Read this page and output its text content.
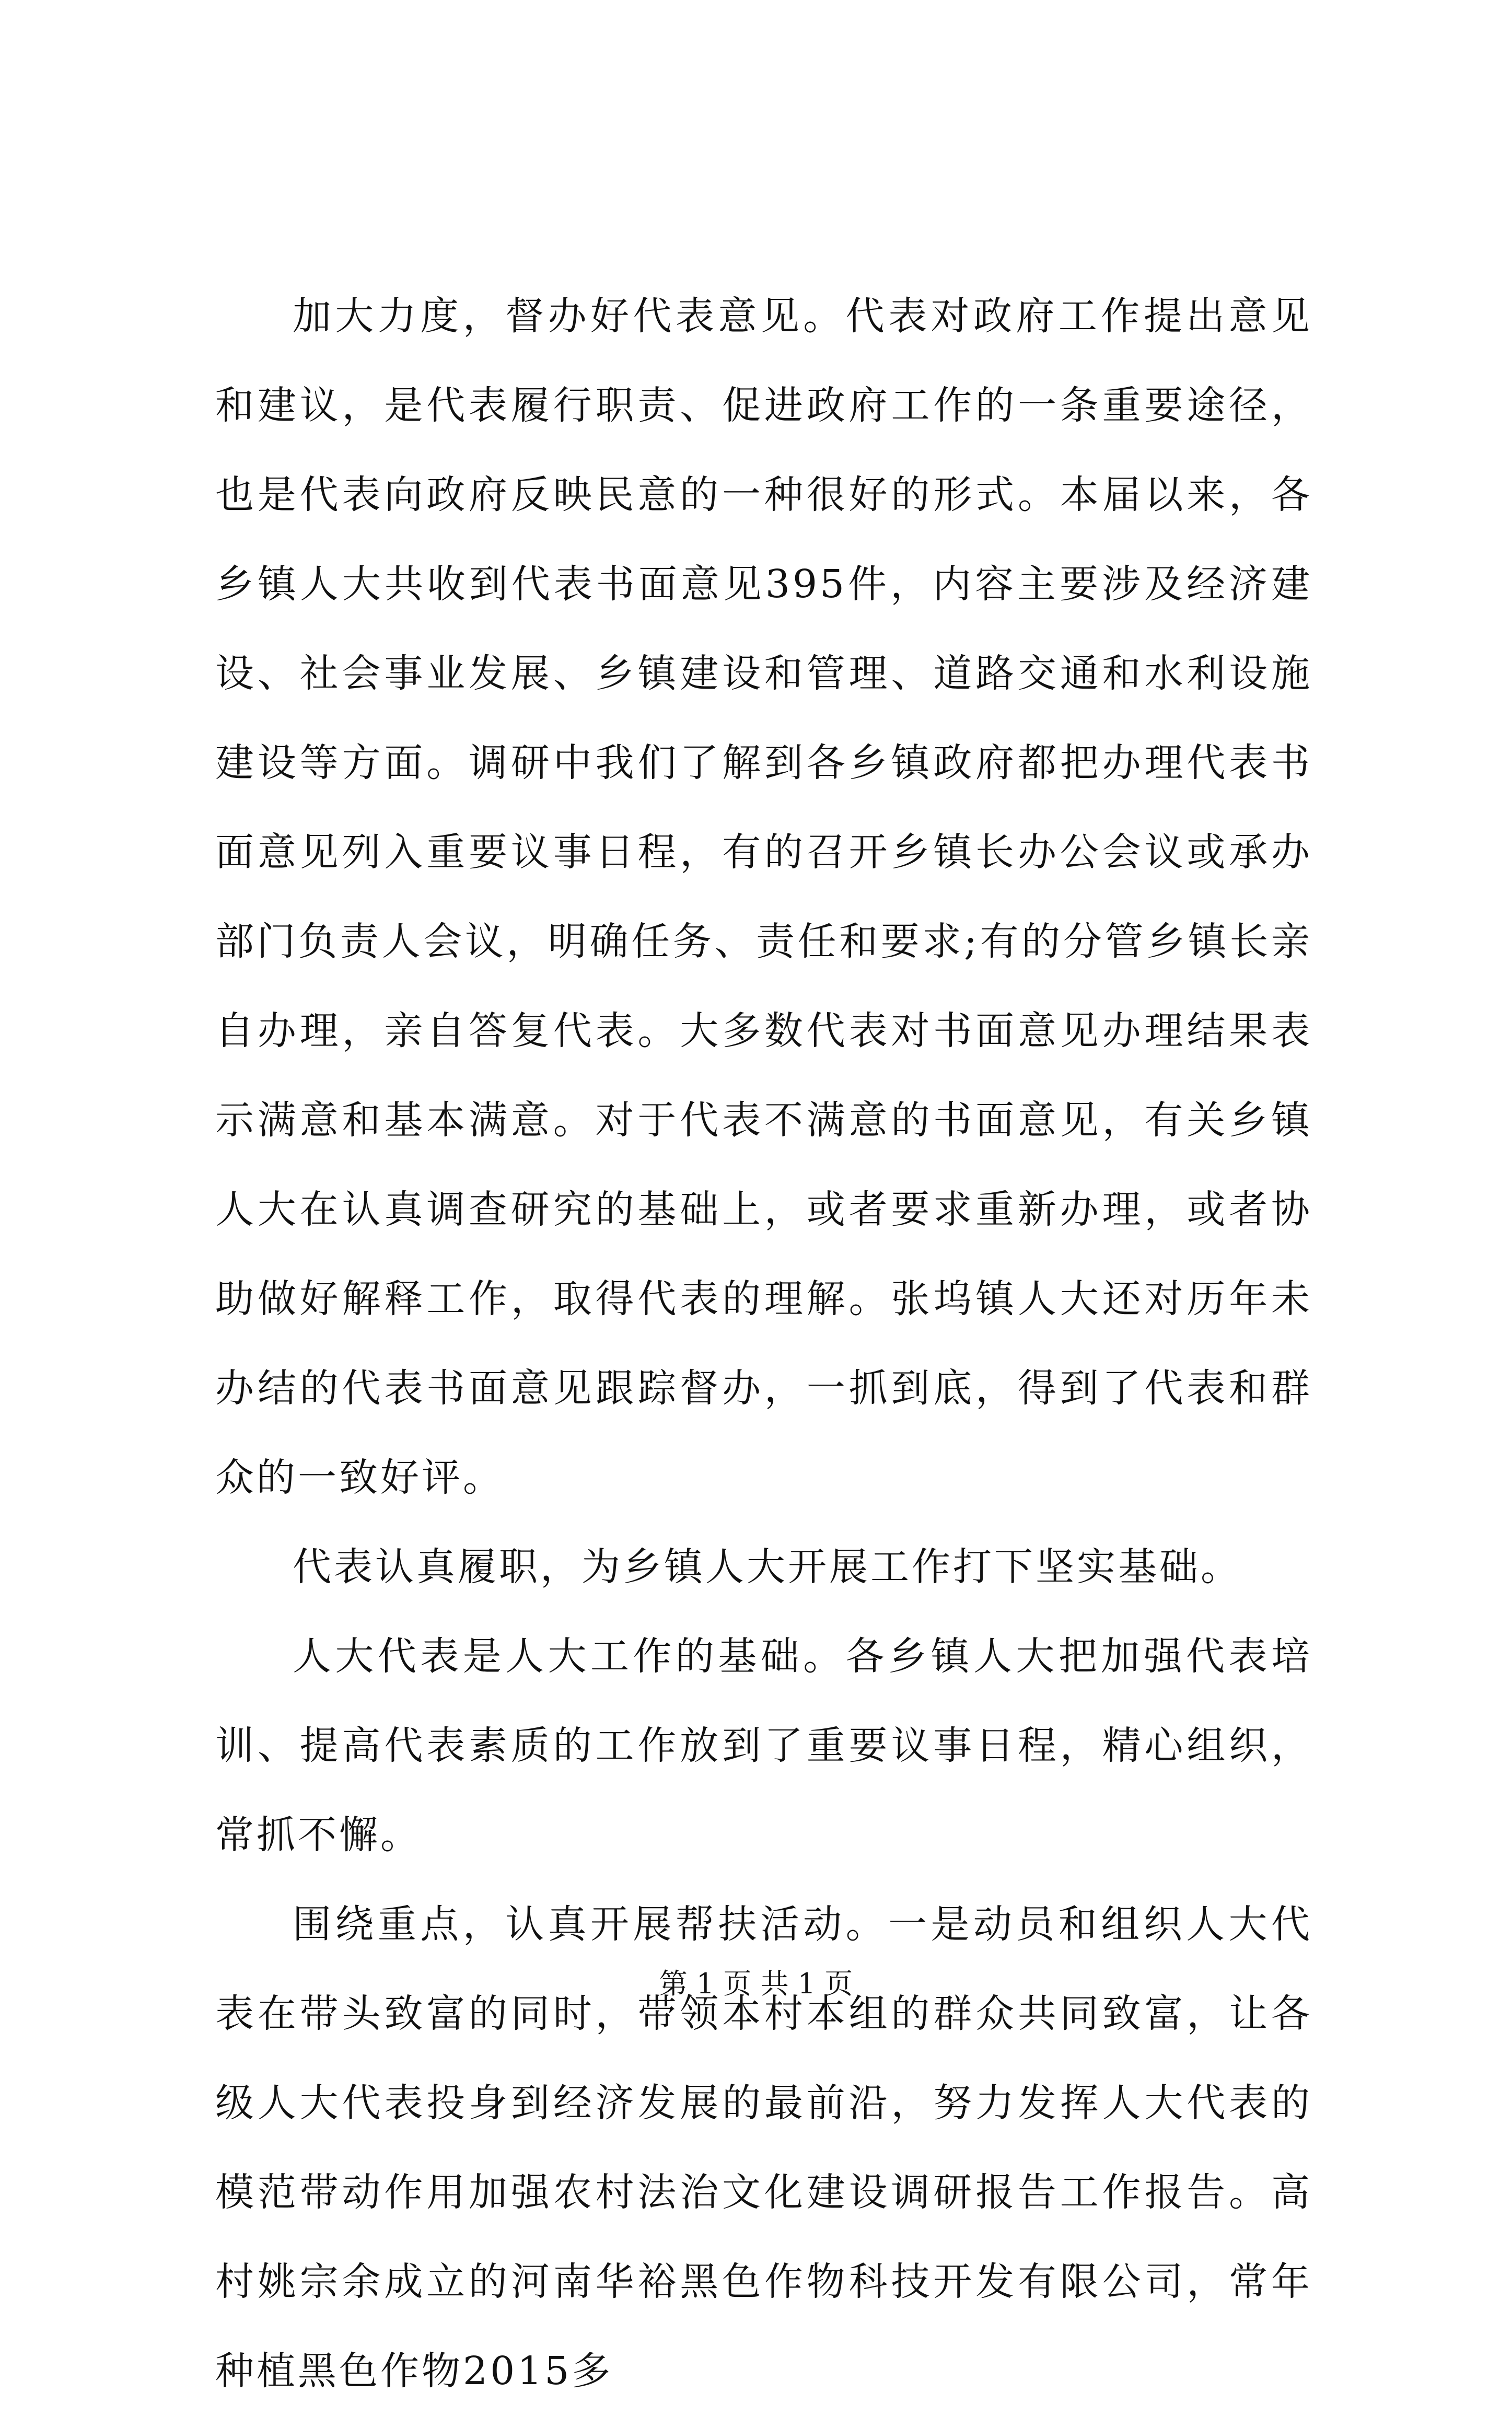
加大力度，督办好代表意见。代表对政府工作提出意见和建议，是代表履行职责、促进政府工作的一条重要途径，也是代表向政府反映民意的一种很好的形式。本届以来，各乡镇人大共收到代表书面意见395件，内容主要涉及经济建设、社会事业发展、乡镇建设和管理、道路交通和水利设施建设等方面。调研中我们了解到各乡镇政府都把办理代表书面意见列入重要议事日程，有的召开乡镇长办公会议或承办部门负责人会议，明确任务、责任和要求;有的分管乡镇长亲自办理，亲自答复代表。大多数代表对书面意见办理结果表示满意和基本满意。对于代表不满意的书面意见，有关乡镇人大在认真调查研究的基础上，或者要求重新办理，或者协助做好解释工作，取得代表的理解。张坞镇人大还对历年未办结的代表书面意见跟踪督办，一抓到底，得到了代表和群众的一致好评。

代表认真履职，为乡镇人大开展工作打下坚实基础。

人大代表是人大工作的基础。各乡镇人大把加强代表培训、提高代表素质的工作放到了重要议事日程，精心组织，常抓不懈。

围绕重点，认真开展帮扶活动。一是动员和组织人大代表在带头致富的同时，带领本村本组的群众共同致富，让各级人大代表投身到经济发展的最前沿，努力发挥人大代表的模范带动作用加强农村法治文化建设调研报告工作报告。高村姚宗余成立的河南华裕黑色作物科技开发有限公司，常年种植黑色作物2015多

第 1 页 共 1 页
